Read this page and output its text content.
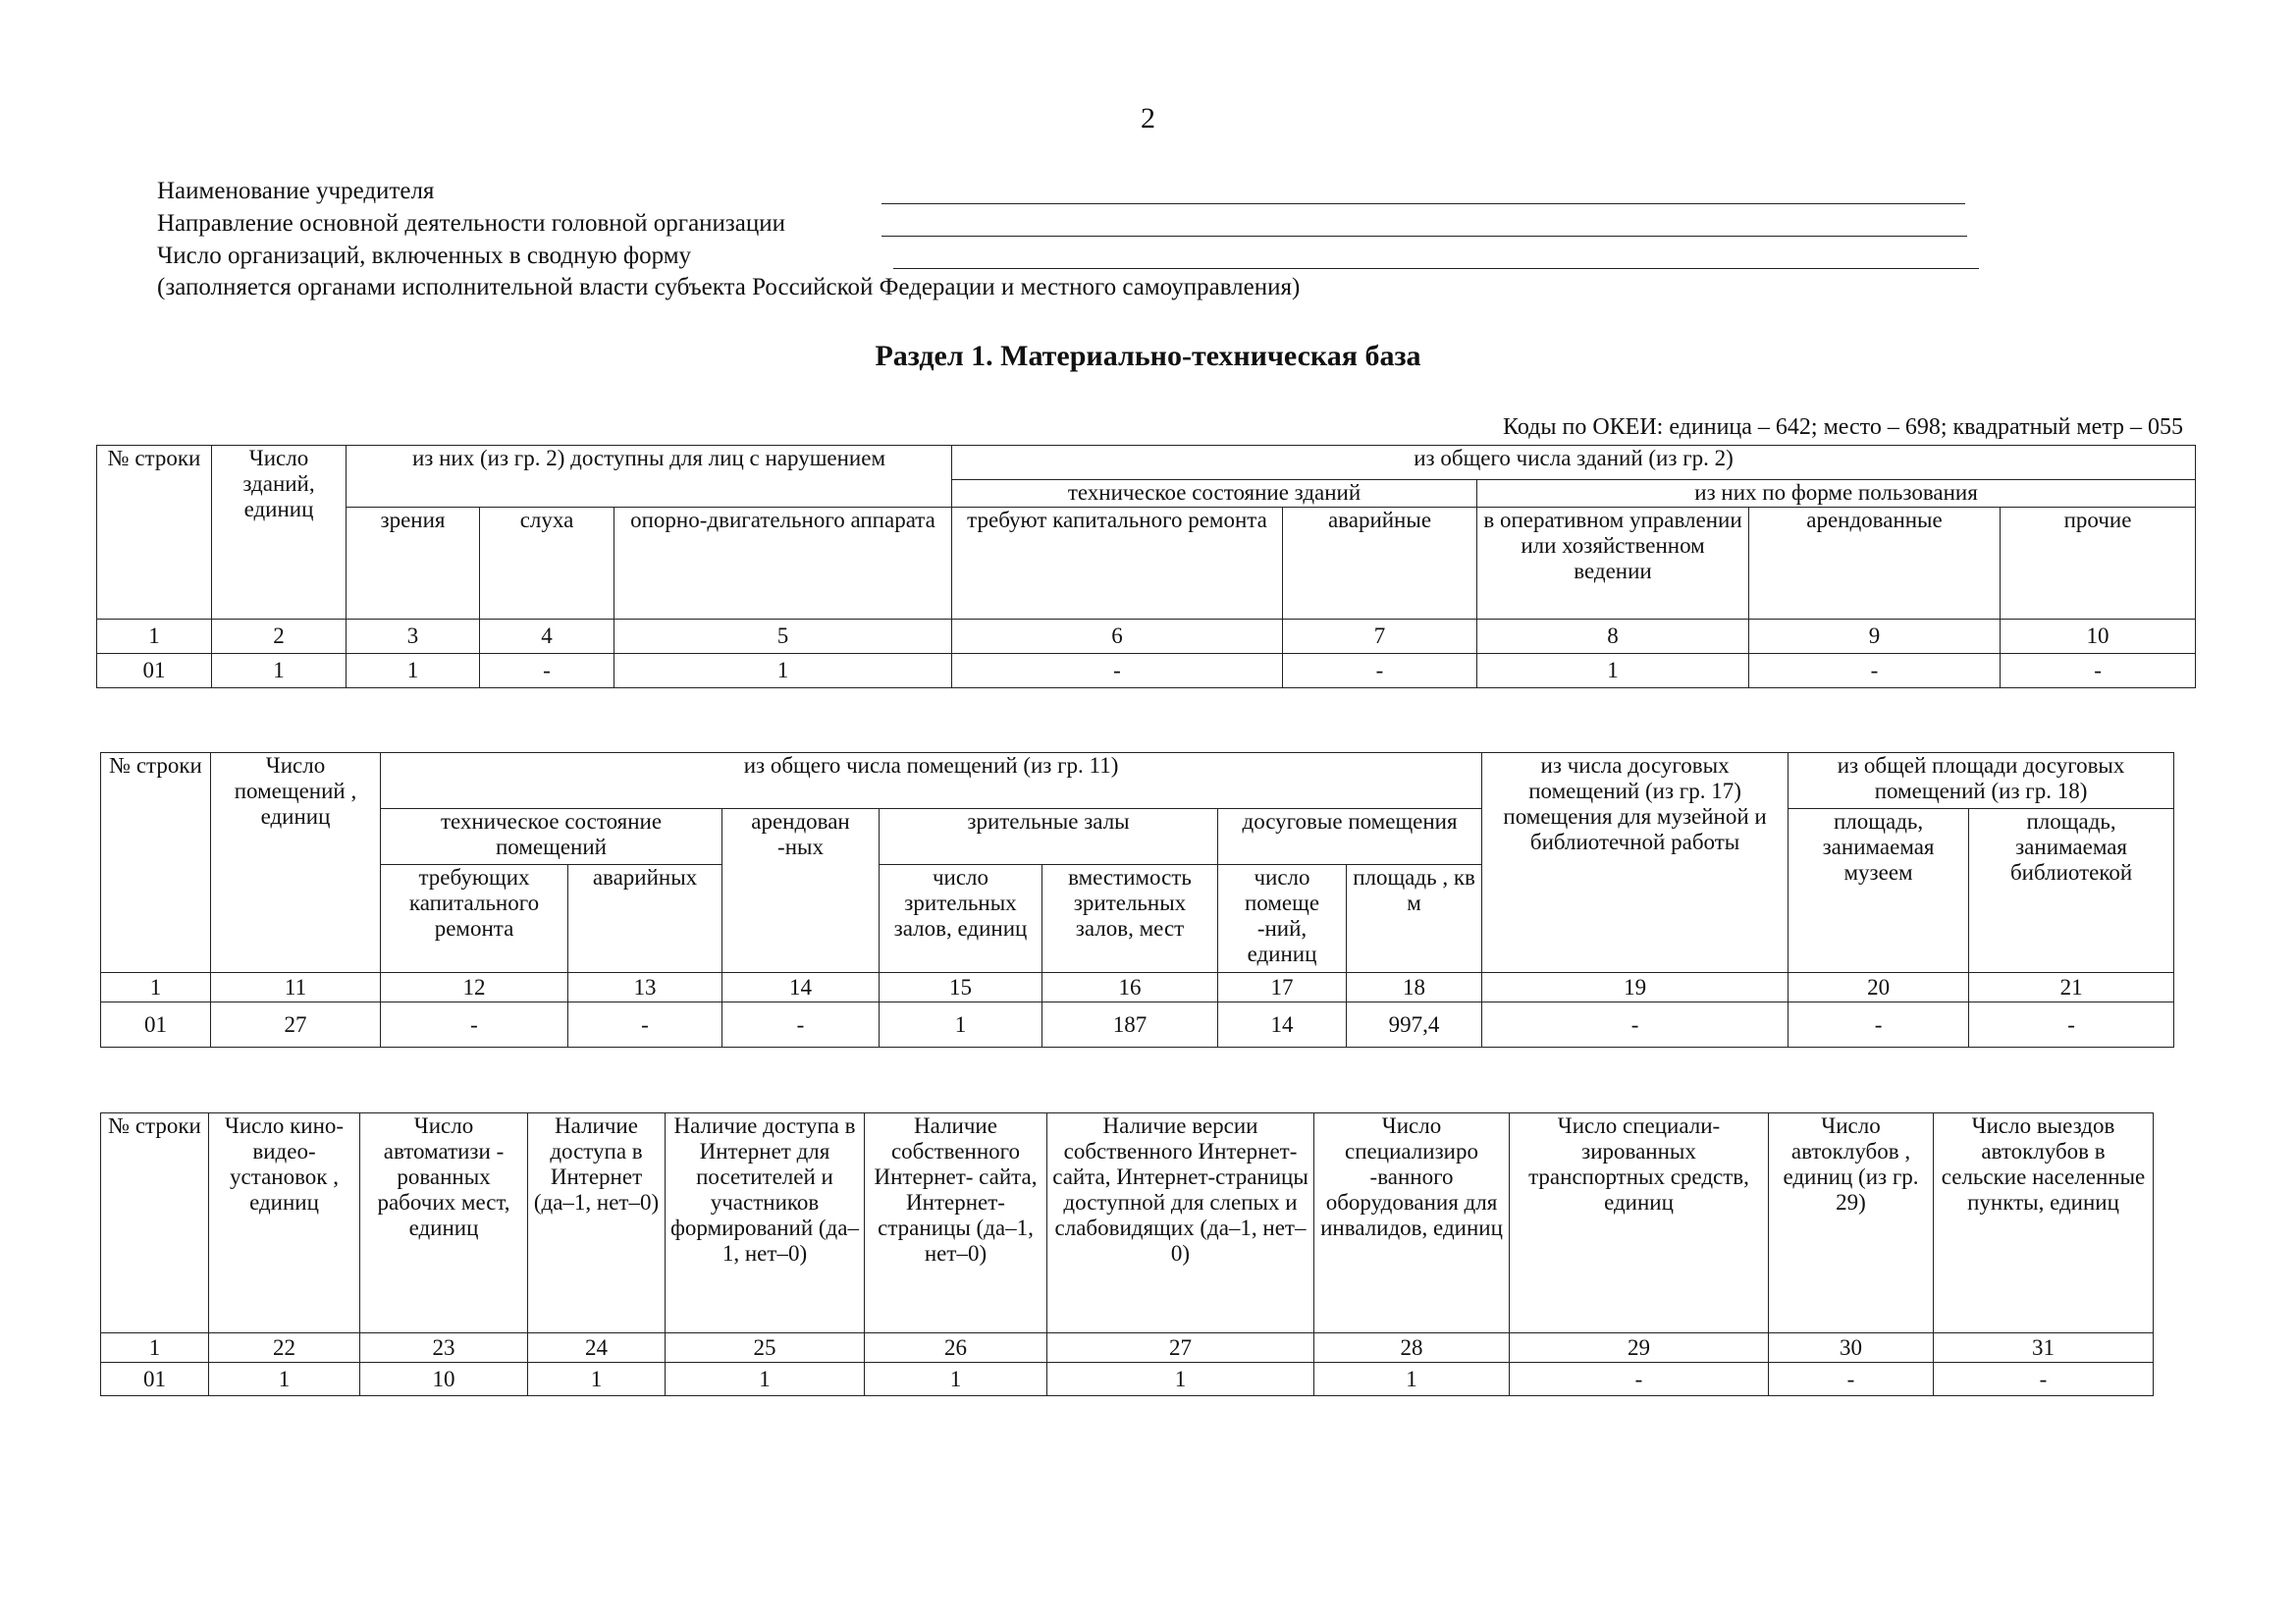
2
Наименование учредителя
Направление основной деятельности головной организации
Число организаций, включенных в сводную форму
(заполняется органами исполнительной власти субъекта Российской Федерации и местного самоуправления)
Раздел 1. Материально-техническая база
Коды по ОКЕИ: единица – 642; место – 698; квадратный метр – 055
№ строки	Число зданий, единиц	из них (из гр. 2) доступны для лиц с нарушением			из общего числа зданий (из гр. 2)				
					техническое состояние зданий		из них по форме пользования		
		зрения	слуха	опорно-двигательного аппарата	требуют капитального ремонта	аварийные	в оперативном управлении или хозяйственном ведении	арендованные	прочие
1	2	3	4	5	6	7	8	9	10
01	1	1	-	1	-	-	1	-	-
№ строки	Число помещений , единиц	из общего числа помещений (из гр. 11)							из числа досуговых помещений (из гр. 17) помещения для музейной и библиотечной работы	из общей площади досуговых помещений (из гр. 18)	
		техническое состояние помещений		арендован -ных	зрительные залы		досуговые помещения			площадь, занимаемая музеем	площадь, занимаемая библиотекой
		требующих капитального ремонта	аварийных		число зрительных залов, единиц	вместимость зрительных залов, мест	число помеще -ний, единиц	площадь , кв м			
1	11	12	13	14	15	16	17	18	19	20	21
01	27	-	-	-	1	187	14	997,4	-	-	-
№ строки	Число кино- видео- установок , единиц	Число автоматизи - рованных рабочих мест, единиц	Наличие доступа в Интернет (да–1, нет–0)	Наличие доступа в Интернет для посетителей и участников формирований (да–1, нет–0)	Наличие собственного Интернет- сайта, Интернет- страницы (да–1, нет–0)	Наличие версии собственного Интернет-сайта, Интернет-страницы доступной для слепых и слабовидящих (да–1, нет–0)	Число специализиро -ванного оборудования для инвалидов, единиц	Число специали- зированных транспортных средств, единиц	Число автоклубов , единиц (из гр. 29)	Число выездов автоклубов в сельские населенные пункты, единиц
1	22	23	24	25	26	27	28	29	30	31
01	1	10	1	1	1	1	1	-	-	-
